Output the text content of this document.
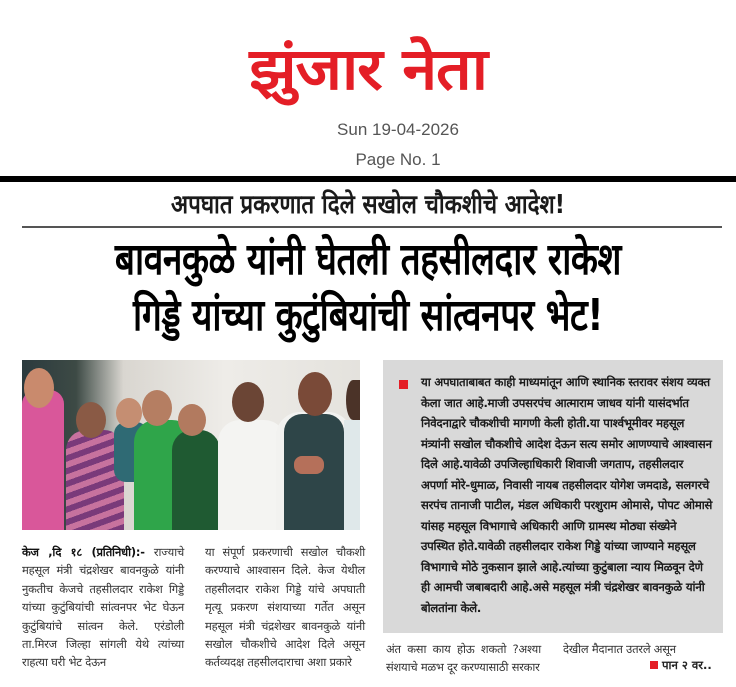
झुंजार नेता
Sun 19-04-2026
Page No. 1
अपघात प्रकरणात दिले सखोल चौकशीचे आदेश!
बावनकुळे यांनी घेतली तहसीलदार राकेश
गिड्डे यांच्या कुटुंबियांची सांत्वनपर भेट!
या अपघाताबाबत काही माध्यमांतून आणि स्थानिक स्तरावर संशय व्यक्त केला जात आहे.माजी उपसरपंच आत्माराम जाधव यांनी यासंदर्भात निवेदनाद्वारे चौकशीची मागणी केली होती.या पार्श्वभूमीवर महसूल मंत्र्यांनी सखोल चौकशीचे आदेश देऊन सत्य समोर आणण्याचे आश्वासन दिले आहे.यावेळी उपजिल्हाधिकारी शिवाजी जगताप, तहसीलदार अपर्णा मोरे-धुमाळ, निवासी नायब तहसीलदार योगेश जमदाडे, सलगरचे सरपंच तानाजी पाटील, मंडल अधिकारी परशुराम ओमासे, पोपट ओमासे यांसह महसूल विभागाचे अधिकारी आणि ग्रामस्थ मोठ्या संख्येने उपस्थित होते.यावेळी तहसीलदार राकेश गिड्डे यांच्या जाण्याने महसूल विभागाचे मोठे नुकसान झाले आहे.त्यांच्या कुटुंबाला न्याय मिळवून देणे ही आमची जबाबदारी आहे.असे महसूल मंत्री चंद्रशेखर बावनकुळे यांनी बोलतांना केले.
केज ,दि १८ (प्रतिनिधी):- राज्याचे महसूल मंत्री चंद्रशेखर बावनकुळे यांनी नुकतीच केजचे तहसीलदार राकेश गिड्डे यांच्या कुटुंबियांची सांत्वनपर भेट घेऊन कुटुंबियांचे सांत्वन केले. एरंडोली ता.मिरज जिल्हा सांगली येथे त्यांच्या राहत्या घरी भेट देऊन
या संपूर्ण प्रकरणाची सखोल चौकशी करण्याचे आश्वासन दिले. केज येथील तहसीलदार राकेश गिड्डे यांचे अपघाती मृत्यू प्रकरण संशयाच्या गर्तेत असून महसूल मंत्री चंद्रशेखर बावनकुळे यांनी सखोल चौकशीचे आदेश दिले असून कर्तव्यदक्ष तहसीलदाराचा अशा प्रकारे
अंत कसा काय होऊ शकतो ?अश्या संशयाचे मळभ दूर करण्यासाठी सरकार
देखील मैदानात उतरले असून
पान २ वर..
